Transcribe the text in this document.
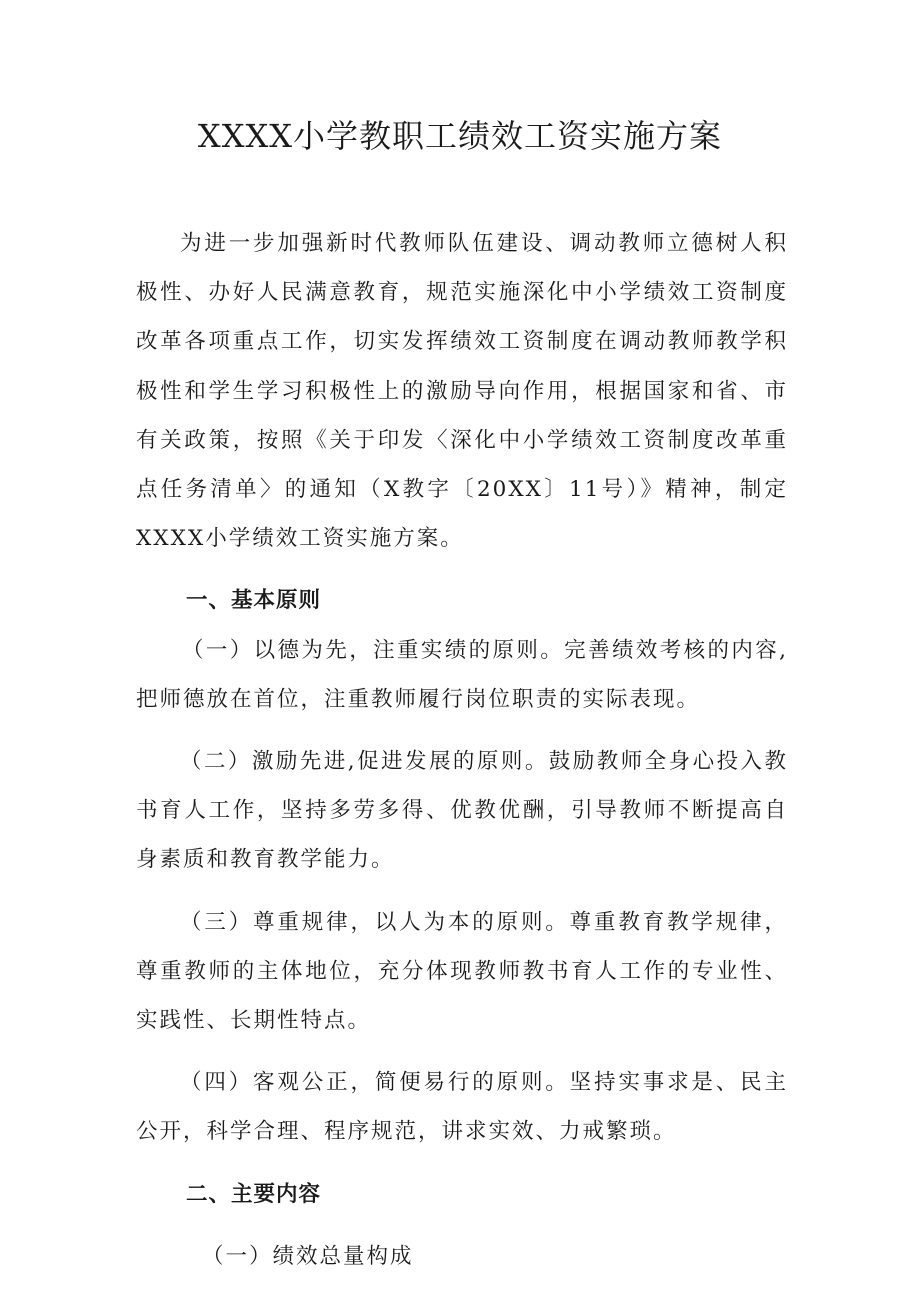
XXXX小学教职工绩效工资实施方案

为进一步加强新时代教师队伍建设、调动教师立德树人积极性、办好人民满意教育，规范实施深化中小学绩效工资制度改革各项重点工作，切实发挥绩效工资制度在调动教师教学积极性和学生学习积极性上的激励导向作用，根据国家和省、市有关政策，按照《关于印发〈深化中小学绩效工资制度改革重点任务清单〉的通知（X教字〔20XX〕11号）》精神，制定XXXX小学绩效工资实施方案。

一、基本原则

（一）以德为先，注重实绩的原则。完善绩效考核的内容,把师德放在首位，注重教师履行岗位职责的实际表现。

（二）激励先进,促进发展的原则。鼓励教师全身心投入教书育人工作，坚持多劳多得、优教优酬，引导教师不断提高自身素质和教育教学能力。

（三）尊重规律，以人为本的原则。尊重教育教学规律，尊重教师的主体地位，充分体现教师教书育人工作的专业性、实践性、长期性特点。

（四）客观公正，简便易行的原则。坚持实事求是、民主公开，科学合理、程序规范，讲求实效、力戒繁琐。

二、主要内容

（一）绩效总量构成
